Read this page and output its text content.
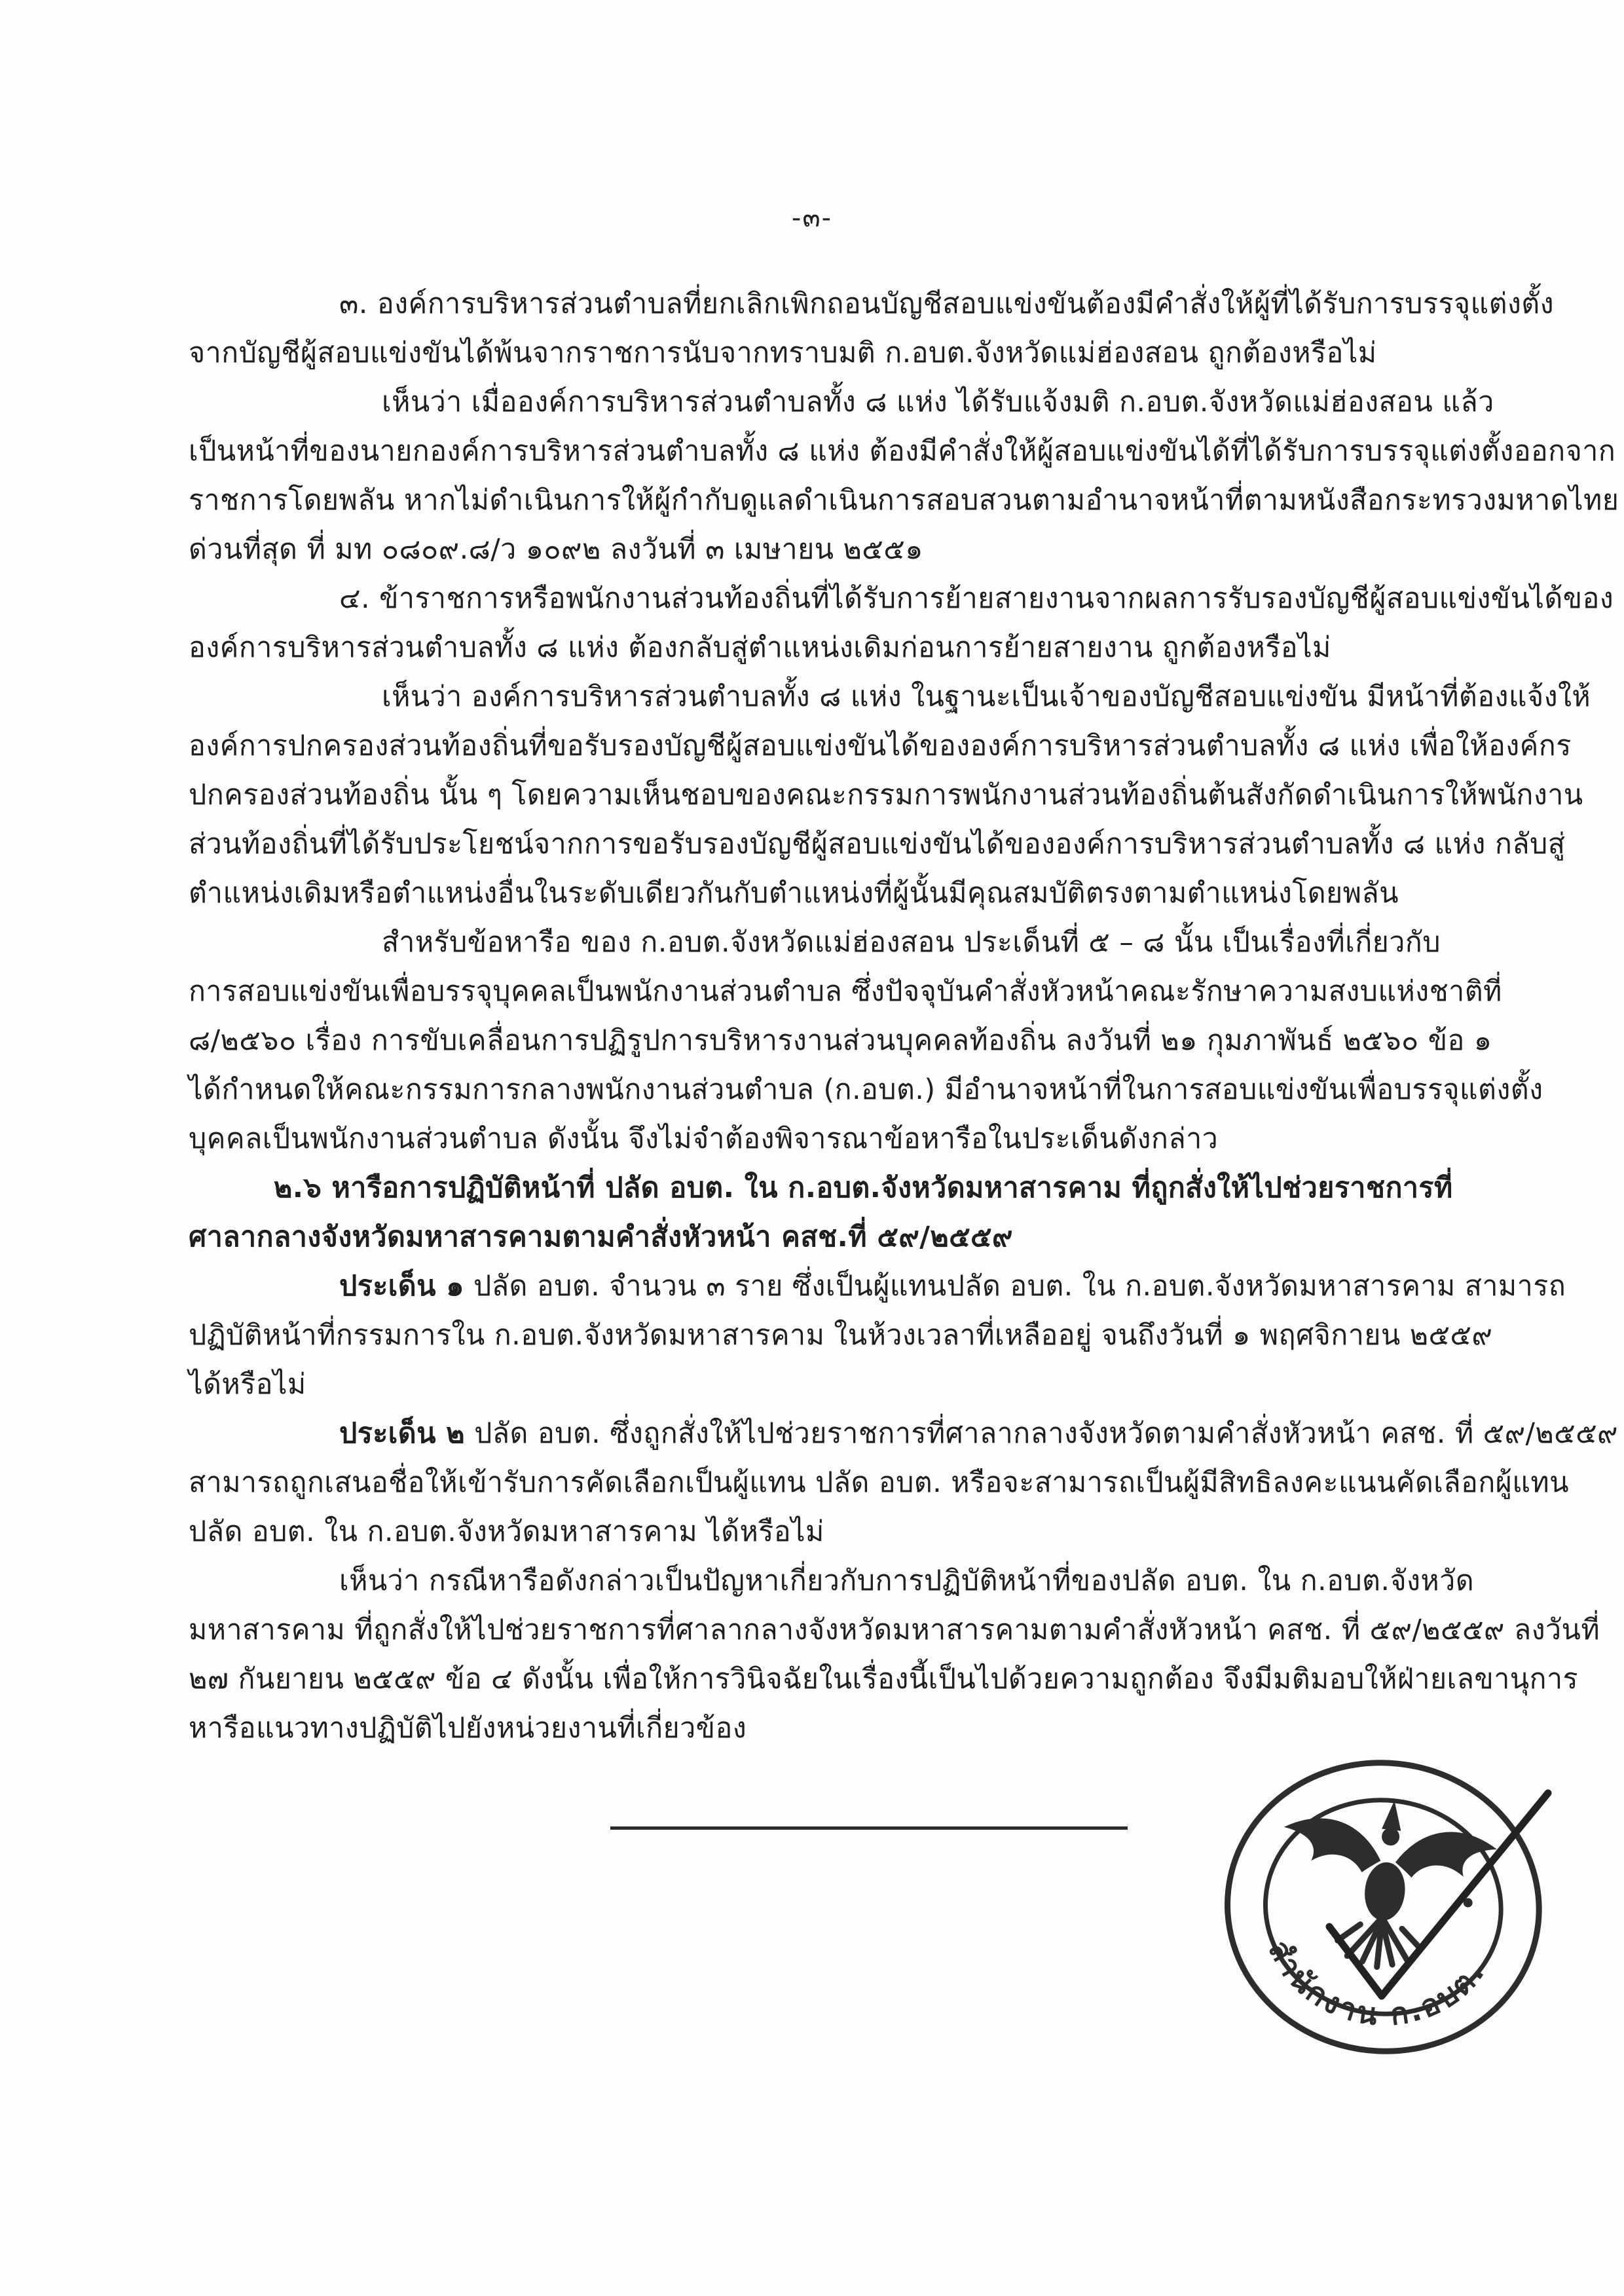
-๓-
๓. องค์การบริหารส่วนตำบลที่ยกเลิกเพิกถอนบัญชีสอบแข่งขันต้องมีคำสั่งให้ผู้ที่ได้รับการบรรจุแต่งตั้ง
จากบัญชีผู้สอบแข่งขันได้พ้นจากราชการนับจากทราบมติ ก.อบต.จังหวัดแม่ฮ่องสอน ถูกต้องหรือไม่
เห็นว่า เมื่อองค์การบริหารส่วนตำบลทั้ง ๘ แห่ง ได้รับแจ้งมติ ก.อบต.จังหวัดแม่ฮ่องสอน แล้ว
เป็นหน้าที่ของนายกองค์การบริหารส่วนตำบลทั้ง ๘ แห่ง ต้องมีคำสั่งให้ผู้สอบแข่งขันได้ที่ได้รับการบรรจุแต่งตั้งออกจาก
ราชการโดยพลัน หากไม่ดำเนินการให้ผู้กำกับดูแลดำเนินการสอบสวนตามอำนาจหน้าที่ตามหนังสือกระทรวงมหาดไทย
ด่วนที่สุด ที่ มท ๐๘๐๙.๘/ว ๑๐๙๒ ลงวันที่ ๓ เมษายน ๒๕๕๑
๔. ข้าราชการหรือพนักงานส่วนท้องถิ่นที่ได้รับการย้ายสายงานจากผลการรับรองบัญชีผู้สอบแข่งขันได้ของ
องค์การบริหารส่วนตำบลทั้ง ๘ แห่ง ต้องกลับสู่ตำแหน่งเดิมก่อนการย้ายสายงาน ถูกต้องหรือไม่
เห็นว่า องค์การบริหารส่วนตำบลทั้ง ๘ แห่ง ในฐานะเป็นเจ้าของบัญชีสอบแข่งขัน มีหน้าที่ต้องแจ้งให้
องค์การปกครองส่วนท้องถิ่นที่ขอรับรองบัญชีผู้สอบแข่งขันได้ขององค์การบริหารส่วนตำบลทั้ง ๘ แห่ง เพื่อให้องค์กร
ปกครองส่วนท้องถิ่น นั้น ๆ โดยความเห็นชอบของคณะกรรมการพนักงานส่วนท้องถิ่นต้นสังกัดดำเนินการให้พนักงาน
ส่วนท้องถิ่นที่ได้รับประโยชน์จากการขอรับรองบัญชีผู้สอบแข่งขันได้ขององค์การบริหารส่วนตำบลทั้ง ๘ แห่ง กลับสู่
ตำแหน่งเดิมหรือตำแหน่งอื่นในระดับเดียวกันกับตำแหน่งที่ผู้นั้นมีคุณสมบัติตรงตามตำแหน่งโดยพลัน
สำหรับข้อหารือ ของ ก.อบต.จังหวัดแม่ฮ่องสอน ประเด็นที่ ๕ – ๘ นั้น เป็นเรื่องที่เกี่ยวกับ
การสอบแข่งขันเพื่อบรรจุบุคคลเป็นพนักงานส่วนตำบล ซึ่งปัจจุบันคำสั่งหัวหน้าคณะรักษาความสงบแห่งชาติที่
๘/๒๕๖๐ เรื่อง การขับเคลื่อนการปฏิรูปการบริหารงานส่วนบุคคลท้องถิ่น ลงวันที่ ๒๑ กุมภาพันธ์ ๒๕๖๐ ข้อ ๑
ได้กำหนดให้คณะกรรมการกลางพนักงานส่วนตำบล (ก.อบต.) มีอำนาจหน้าที่ในการสอบแข่งขันเพื่อบรรจุแต่งตั้ง
บุคคลเป็นพนักงานส่วนตำบล ดังนั้น จึงไม่จำต้องพิจารณาข้อหารือในประเด็นดังกล่าว
๒.๖ หารือการปฏิบัติหน้าที่ ปลัด อบต. ใน ก.อบต.จังหวัดมหาสารคาม ที่ถูกสั่งให้ไปช่วยราชการที่
ศาลากลางจังหวัดมหาสารคามตามคำสั่งหัวหน้า คสช.ที่ ๕๙/๒๕๕๙
ประเด็น ๑ ปลัด อบต. จำนวน ๓ ราย ซึ่งเป็นผู้แทนปลัด อบต. ใน ก.อบต.จังหวัดมหาสารคาม สามารถ
ปฏิบัติหน้าที่กรรมการใน ก.อบต.จังหวัดมหาสารคาม ในห้วงเวลาที่เหลืออยู่ จนถึงวันที่ ๑ พฤศจิกายน ๒๕๕๙
ได้หรือไม่
ประเด็น ๒ ปลัด อบต. ซึ่งถูกสั่งให้ไปช่วยราชการที่ศาลากลางจังหวัดตามคำสั่งหัวหน้า คสช. ที่ ๕๙/๒๕๕๙
สามารถถูกเสนอชื่อให้เข้ารับการคัดเลือกเป็นผู้แทน ปลัด อบต. หรือจะสามารถเป็นผู้มีสิทธิลงคะแนนคัดเลือกผู้แทน
ปลัด อบต. ใน ก.อบต.จังหวัดมหาสารคาม ได้หรือไม่
เห็นว่า กรณีหารือดังกล่าวเป็นปัญหาเกี่ยวกับการปฏิบัติหน้าที่ของปลัด อบต. ใน ก.อบต.จังหวัด
มหาสารคาม ที่ถูกสั่งให้ไปช่วยราชการที่ศาลากลางจังหวัดมหาสารคามตามคำสั่งหัวหน้า คสช. ที่ ๕๙/๒๕๕๙ ลงวันที่
๒๗ กันยายน ๒๕๕๙ ข้อ ๔ ดังนั้น เพื่อให้การวินิจฉัยในเรื่องนี้เป็นไปด้วยความถูกต้อง จึงมีมติมอบให้ฝ่ายเลขานุการ
หารือแนวทางปฏิบัติไปยังหน่วยงานที่เกี่ยวข้อง
สำนักงาน ก.อบต.
